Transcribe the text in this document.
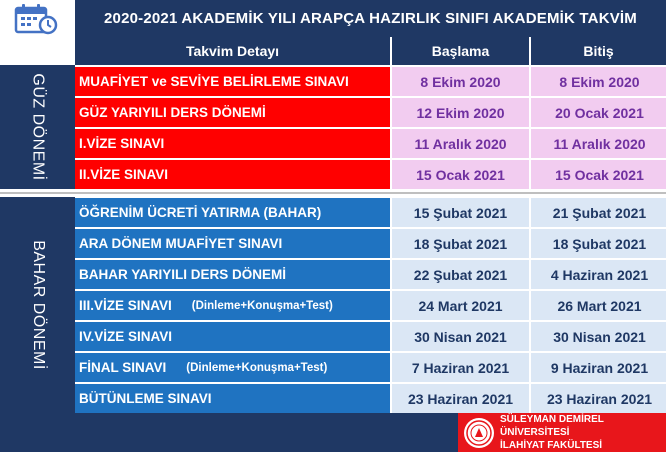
2020-2021 AKADEMİK YILI ARAPÇA HAZIRLIK SINIFI AKADEMİK TAKVİM
Takvim Detayı	Başlama	Bitiş
GÜZ DÖNEMİ
BAHAR DÖNEMİ
MUAFİYET ve SEVİYE BELİRLEME SINAVI	8 Ekim 2020	8 Ekim 2020
GÜZ YARIYILI DERS DÖNEMİ	12 Ekim 2020	20 Ocak 2021
I.VİZE SINAVI	11 Aralık 2020	11 Aralık 2020
II.VİZE SINAVI	15 Ocak 2021	15 Ocak 2021
ÖĞRENİM ÜCRETİ YATIRMA (BAHAR)	15 Şubat 2021	21 Şubat 2021
ARA DÖNEM MUAFİYET SINAVI	18 Şubat 2021	18 Şubat 2021
BAHAR YARIYILI DERS DÖNEMİ	22 Şubat 2021	4 Haziran 2021
III.VİZE SINAVI (Dinleme+Konuşma+Test)	24 Mart 2021	26 Mart 2021
IV.VİZE SINAVI	30 Nisan 2021	30 Nisan 2021
FİNAL SINAVI (Dinleme+Konuşma+Test)	7 Haziran 2021	9 Haziran 2021
BÜTÜNLEME SINAVI	23 Haziran 2021	23 Haziran 2021
SÜLEYMAN DEMİREL ÜNİVERSİTESİ
İLAHİYAT FAKÜLTESİ
